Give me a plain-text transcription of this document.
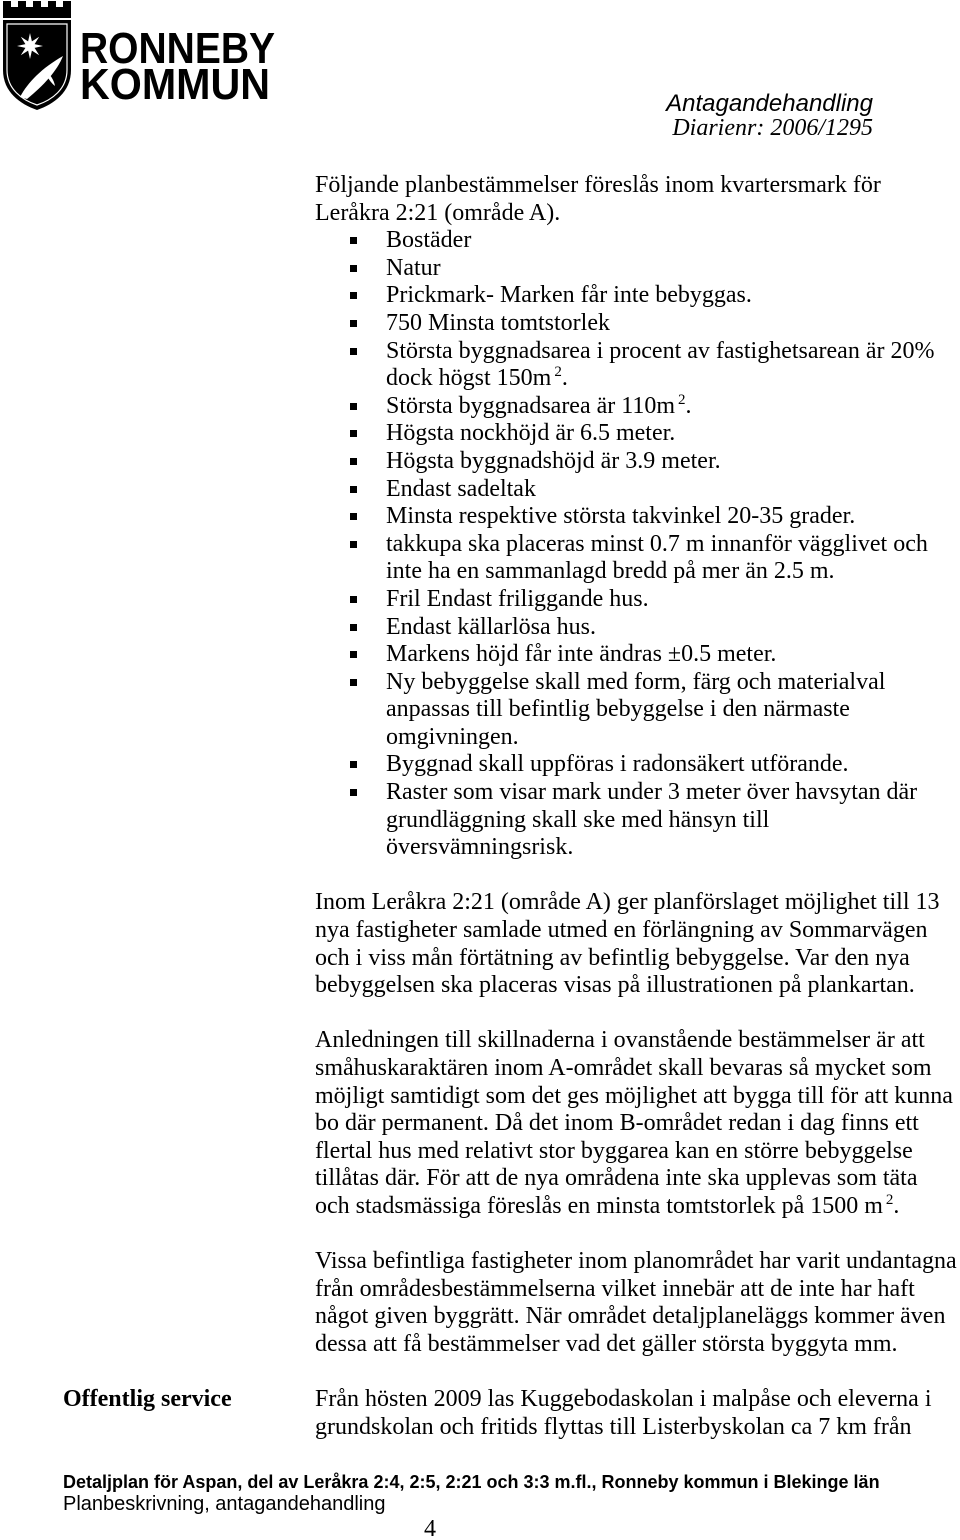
RONNEBY
KOMMUN	Antagandehandling
Diarienr: 2006/1295
Följande planbestämmelser föreslås inom kvartersmark för
Leråkra 2:21 (område A).
Bostäder
Natur
Prickmark- Marken får inte bebyggas.
750 Minsta tomtstorlek
Största byggnadsarea i procent av fastighetsarean är 20%
dock högst 150m $^2$.
Största byggnadsarea är 110m $^2$.
Högsta nockhöjd är 6.5 meter.
Högsta byggnadshöjd är 3.9 meter.
Endast sadeltak
Minsta respektive största takvinkel 20-35 grader.
takkupa ska placeras minst 0.7 m innanför vägglivet och
inte ha en sammanlagd bredd på mer än 2.5 m.
Fril Endast friliggande hus.
Endast källarlösa hus.
Markens höjd får inte ändras ±0.5 meter.
Ny bebyggelse skall med form, färg och materialval
anpassas till befintlig bebyggelse i den närmaste
omgivningen.
Byggnad skall uppföras i radonsäkert utförande.
Raster som visar mark under 3 meter över havsytan där
grundläggning skall ske med hänsyn till
översvämningsrisk.
Inom Leråkra 2:21 (område A) ger planförslaget möjlighet till 13
nya fastigheter samlade utmed en förlängning av Sommarvägen
och i viss mån förtätning av befintlig bebyggelse. Var den nya
bebyggelsen ska placeras visas på illustrationen på plankartan.
Anledningen till skillnaderna i ovanstående bestämmelser är att
småhuskaraktären inom A-området skall bevaras så mycket som
möjligt samtidigt som det ges möjlighet att bygga till för att kunna
bo där permanent. Då det inom B-området redan i dag finns ett
flertal hus med relativt stor byggarea kan en större bebyggelse
tillåtas där. För att de nya områdena inte ska upplevas som täta
och stadsmässiga föreslås en minsta tomtstorlek på 1500 m $^2$.
Vissa befintliga fastigheter inom planområdet har varit undantagna
från områdesbestämmelserna vilket innebär att de inte har haft
något given byggrätt. När området detaljplaneläggs kommer även
dessa att få bestämmelser vad det gäller största byggyta mm.
Offentlig service	Från hösten 2009 las Kuggebodaskolan i malpåse och eleverna i
grundskolan och fritids flyttas till Listerbyskolan ca 7 km från
Detaljplan för Aspan, del av Leråkra 2:4, 2:5, 2:21 och 3:3 m.fl., Ronneby kommun i Blekinge län
Planbeskrivning, antagandehandling
4
